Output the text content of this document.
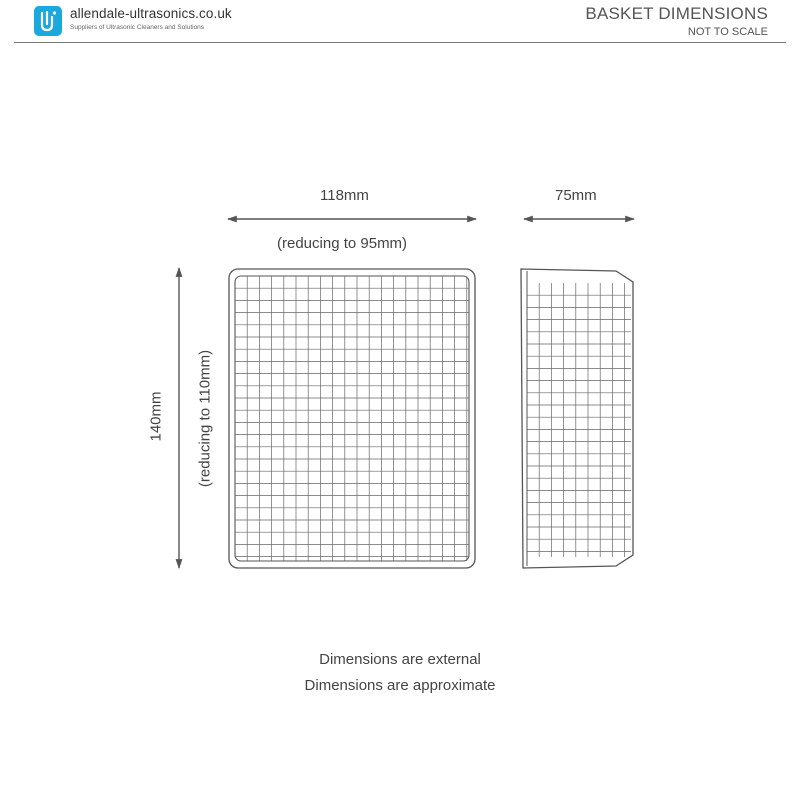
allendale-ultrasonics.co.uk
Suppliers of Ultrasonic Cleaners and Solutions
BASKET DIMENSIONS
NOT TO SCALE
118mm
(reducing to 95mm)
75mm
140mm (reducing to 110mm)
Dimensions are external
Dimensions are approximate
